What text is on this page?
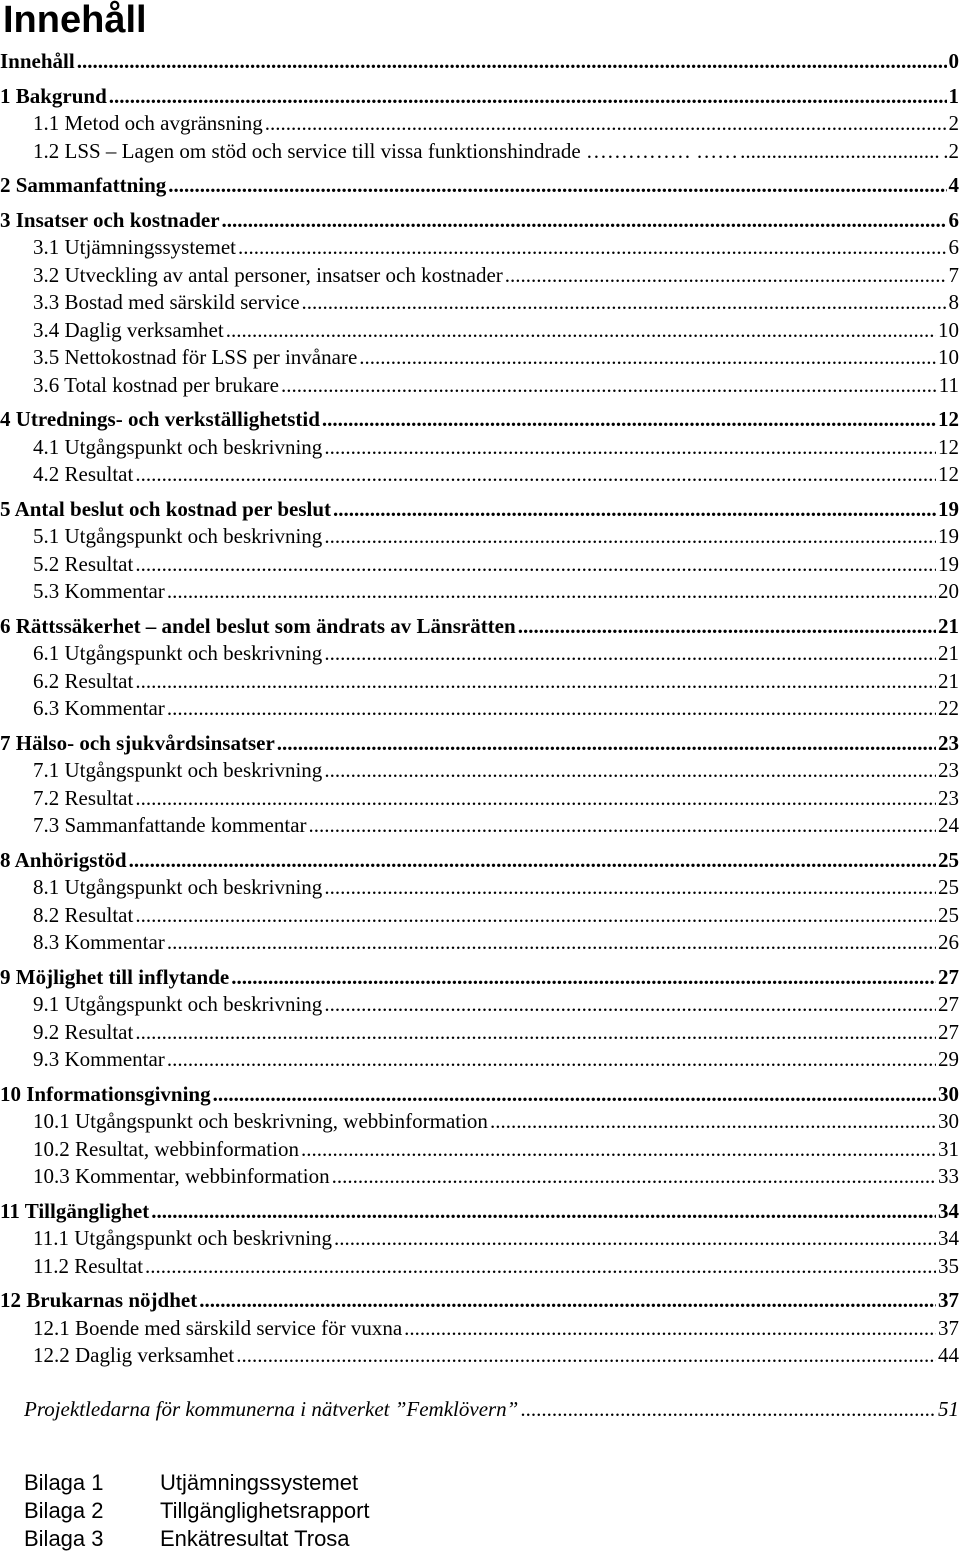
Innehåll
Innehåll .....	0
1 Bakgrund .....	1
1.1 Metod och avgränsning .....	2
1.2 LSS – Lagen om stöd och service till vissa funktionshindrade …………… …… .....	.2
2 Sammanfattning .....	4
3 Insatser och kostnader .....	6
3.1 Utjämningssystemet .....	6
3.2 Utveckling av antal personer, insatser och kostnader .....	7
3.3 Bostad med särskild service .....	8
3.4 Daglig verksamhet .....	10
3.5 Nettokostnad för LSS per invånare .....	10
3.6 Total kostnad per brukare .....	11
4 Utrednings- och verkställighetstid .....	12
4.1 Utgångspunkt och beskrivning .....	12
4.2 Resultat .....	12
5 Antal beslut och kostnad per beslut .....	19
5.1 Utgångspunkt och beskrivning .....	19
5.2 Resultat .....	19
5.3 Kommentar .....	20
6 Rättssäkerhet – andel beslut som ändrats av Länsrätten .....	21
6.1 Utgångspunkt och beskrivning .....	21
6.2 Resultat .....	21
6.3 Kommentar .....	22
7 Hälso- och sjukvårdsinsatser .....	23
7.1 Utgångspunkt och beskrivning .....	23
7.2 Resultat .....	23
7.3 Sammanfattande kommentar .....	24
8 Anhörigstöd .....	25
8.1 Utgångspunkt och beskrivning .....	25
8.2 Resultat .....	25
8.3 Kommentar .....	26
9 Möjlighet till inflytande .....	27
9.1 Utgångspunkt och beskrivning .....	27
9.2 Resultat .....	27
9.3 Kommentar .....	29
10 Informationsgivning .....	30
10.1 Utgångspunkt och beskrivning, webbinformation .....	30
10.2 Resultat, webbinformation .....	31
10.3 Kommentar, webbinformation .....	33
11 Tillgänglighet .....	34
11.1 Utgångspunkt och beskrivning .....	34
11.2 Resultat .....	35
12 Brukarnas nöjdhet .....	37
12.1 Boende med särskild service för vuxna .....	37
12.2 Daglig verksamhet .....	44
Projektledarna för kommunerna i nätverket ”Femklövern” .....	51
Bilaga 1	Utjämningssystemet
Bilaga 2	Tillgänglighetsrapport
Bilaga 3	Enkätresultat Trosa
